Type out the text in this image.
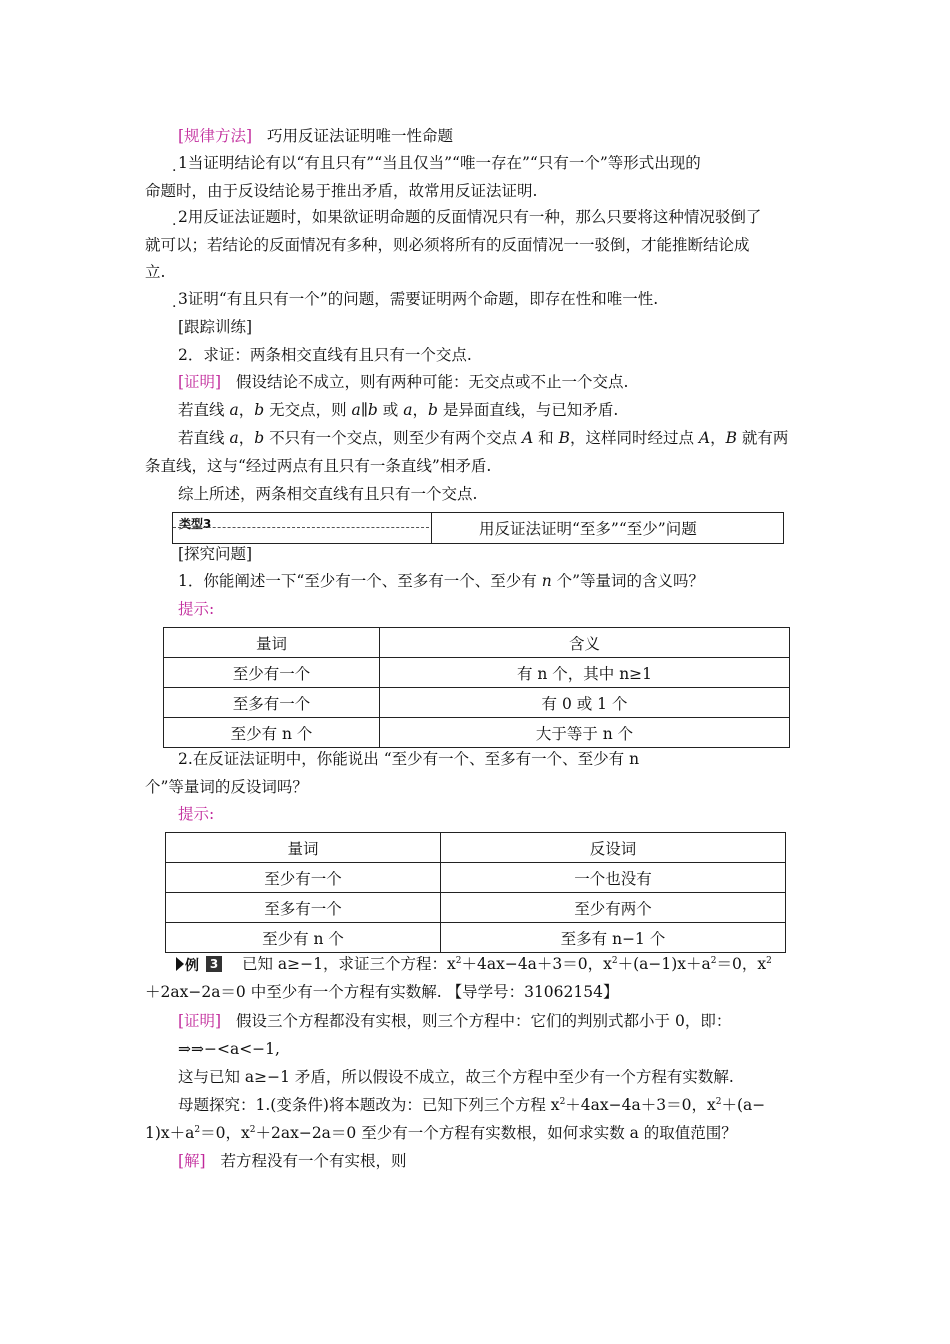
[规律方法] 巧用反证法证明唯一性命题
. 1当证明结论有以“有且只有”“当且仅当”“唯一存在”“只有一个”等形式出现的
命题时，由于反设结论易于推出矛盾，故常用反证法证明.
. 2用反证法证题时，如果欲证明命题的反面情况只有一种，那么只要将这种情况驳倒了
就可以；若结论的反面情况有多种，则必须将所有的反面情况一一驳倒，才能推断结论成
立.
. 3证明“有且只有一个”的问题，需要证明两个命题，即存在性和唯一性.
[跟踪训练]
2．求证：两条相交直线有且只有一个交点.
[证明] 假设结论不成立，则有两种可能：无交点或不止一个交点.
若直线 a，b 无交点，则 a∥b 或 a，b 是异面直线，与已知矛盾.
若直线 a，b 不只有一个交点，则至少有两个交点 A 和 B，这样同时经过点 A，B 就有两
条直线，这与“经过两点有且只有一条直线”相矛盾.
综上所述，两条相交直线有且只有一个交点.
类型3	用反证法证明“至多”“至少”问题
[探究问题]
1．你能阐述一下“至少有一个、至多有一个、至少有 n 个”等量词的含义吗？
提示:
量词	含义
至少有一个	有 n 个，其中 n≥1
至多有一个	有 0 或 1 个
至少有 n 个	大于等于 n 个
2.在反证法证明中，你能说出 “至少有一个、至多有一个、至少有 n
个”等量词的反设词吗？
提示:
量词	反设词
至少有一个	一个也没有
至多有一个	至少有两个
至少有 n 个	至多有 n−1 个
例 3 已知 a≥−1，求证三个方程：$x^2+4ax-4a+3=0$，$x^2+(a-1)x+a^2=0$，$x^2$
＋2ax−2a＝0 中至少有一个方程有实数解. 【导学号：31062154】
[证明] 假设三个方程都没有实根，则三个方程中：它们的判别式都小于 0，即：
⇒⇒−<a<−1,
这与已知 a≥−1 矛盾，所以假设不成立，故三个方程中至少有一个方程有实数解.
母题探究：1.(变条件)将本题改为：已知下列三个方程 $x^2+4ax-4a+3=0$，$x^2+(a-$
$1)x+a^2=0$，$x^2+2ax-2a=0$ 至少有一个方程有实数根，如何求实数 a 的取值范围？
[解] 若方程没有一个有实根，则
